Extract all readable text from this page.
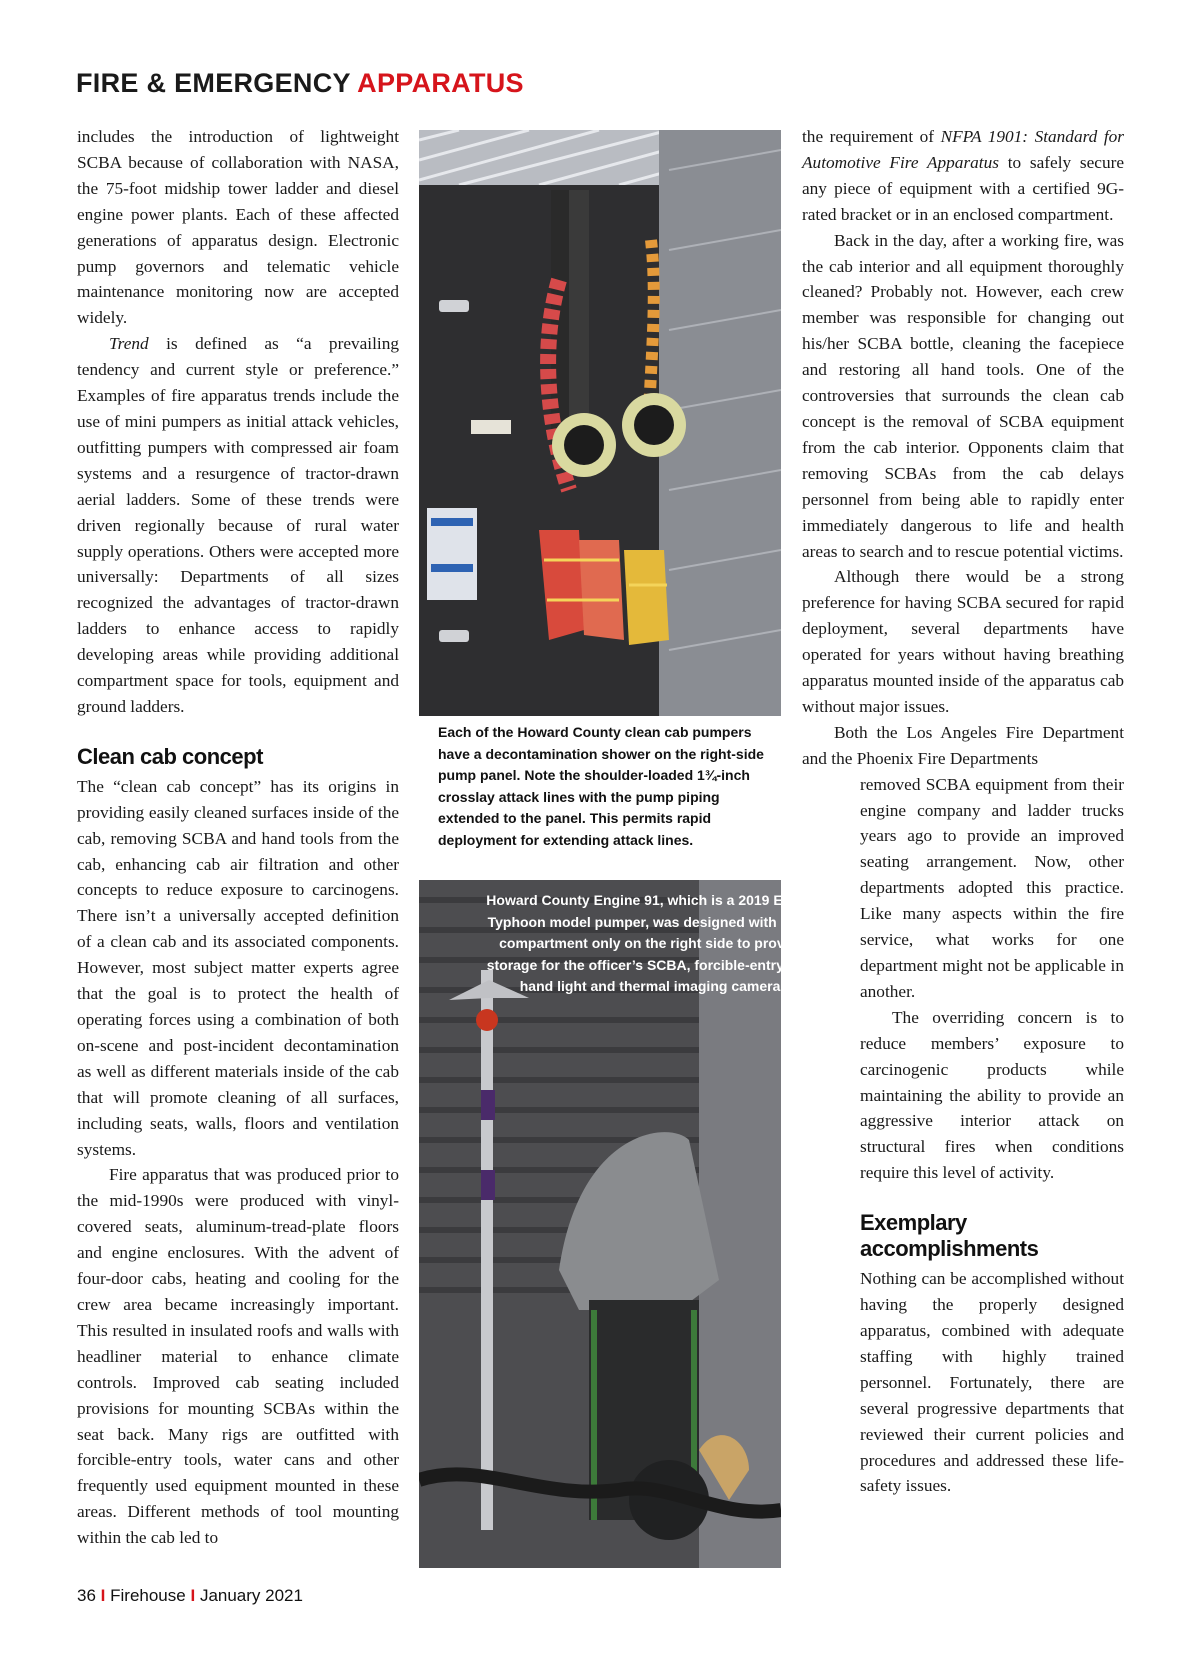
FIRE & EMERGENCY APPARATUS

includes the introduction of lightweight SCBA because of collaboration with NASA, the 75-foot midship tower ladder and diesel engine power plants. Each of these affected generations of apparatus design. Electronic pump governors and telematic vehicle maintenance monitoring now are accepted widely.

Trend is defined as “a prevailing tendency and current style or preference.” Examples of fire apparatus trends include the use of mini pumpers as initial attack vehicles, outfitting pumpers with compressed air foam systems and a resurgence of tractor-drawn aerial ladders. Some of these trends were driven regionally because of rural water supply operations. Others were accepted more universally: Departments of all sizes recognized the advantages of tractor-drawn ladders to enhance access to rapidly developing areas while providing additional compartment space for tools, equipment and ground ladders.

Clean cab concept

The “clean cab concept” has its origins in providing easily cleaned surfaces inside of the cab, removing SCBA and hand tools from the cab, enhancing cab air filtration and other concepts to reduce exposure to carcinogens. There isn’t a universally accepted definition of a clean cab and its associated components. However, most subject matter experts agree that the goal is to protect the health of operating forces using a combination of both on-scene and post-incident decontamination as well as different materials inside of the cab that will promote cleaning of all surfaces, including seats, walls, floors and ventilation systems.

Fire apparatus that was produced prior to the mid-1990s were produced with vinyl-covered seats, aluminum-tread-plate floors and engine enclosures. With the advent of four-door cabs, heating and cooling for the crew area became increasingly important. This resulted in insulated roofs and walls with headliner material to enhance climate controls. Improved cab seating included provisions for mounting SCBAs within the seat back. Many rigs are outfitted with forcible-entry tools, water cans and other frequently used equipment mounted in these areas. Different methods of tool mounting within the cab led to

Each of the Howard County clean cab pumpers have a decontamination shower on the right-side pump panel. Note the shoulder-loaded 1¾-inch crosslay attack lines with the pump piping extended to the panel. This permits rapid deployment for extending attack lines.
Howard County Engine 91, which is a 2019 E-ONE Typhoon model pumper, was designed with a cab compartment only on the right side to provide storage for the officer’s SCBA, forcible-entry tool, hand light and thermal imaging camera.

the requirement of NFPA 1901: Standard for Automotive Fire Apparatus to safely secure any piece of equipment with a certified 9G-rated bracket or in an enclosed compartment.

Back in the day, after a working fire, was the cab interior and all equipment thoroughly cleaned? Probably not. However, each crew member was responsible for changing out his/her SCBA bottle, cleaning the facepiece and restoring all hand tools. One of the controversies that surrounds the clean cab concept is the removal of SCBA equipment from the cab interior. Opponents claim that removing SCBAs from the cab delays personnel from being able to rapidly enter immediately dangerous to life and health areas to search and to rescue potential victims.

Although there would be a strong preference for having SCBA secured for rapid deployment, several departments have operated for years without having breathing apparatus mounted inside of the apparatus cab without major issues.

Both the Los Angeles Fire Department and the Phoenix Fire Departments

removed SCBA equipment from their engine company and ladder trucks years ago to provide an improved seating arrangement. Now, other departments adopted this practice. Like many aspects within the fire service, what works for one department might not be applicable in another.

The overriding concern is to reduce members’ exposure to carcinogenic products while maintaining the ability to provide an aggressive interior attack on structural fires when conditions require this level of activity.

Exemplary accomplishments

Nothing can be accomplished without having the properly designed apparatus, combined with adequate staffing with highly trained personnel. Fortunately, there are several progressive departments that reviewed their current policies and procedures and addressed these life-safety issues.

36 I Firehouse I January 2021
